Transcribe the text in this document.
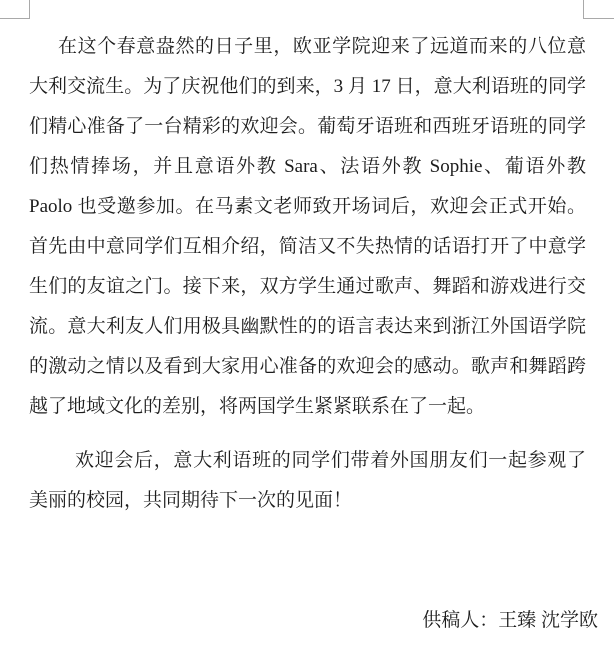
在这个春意盎然的日子里，欧亚学院迎来了远道而来的八位意大利交流生。为了庆祝他们的到来，3 月 17 日，意大利语班的同学们精心准备了一台精彩的欢迎会。葡萄牙语班和西班牙语班的同学们热情捧场，并且意语外教 Sara、法语外教 Sophie、葡语外教 Paolo 也受邀参加。在马素文老师致开场词后，欢迎会正式开始。首先由中意同学们互相介绍，简洁又不失热情的话语打开了中意学生们的友谊之门。接下来，双方学生通过歌声、舞蹈和游戏进行交流。意大利友人们用极具幽默性的的语言表达来到浙江外国语学院的激动之情以及看到大家用心准备的欢迎会的感动。歌声和舞蹈跨越了地域文化的差别，将两国学生紧紧联系在了一起。

欢迎会后，意大利语班的同学们带着外国朋友们一起参观了美丽的校园，共同期待下一次的见面！

供稿人：王臻 沈学欧
